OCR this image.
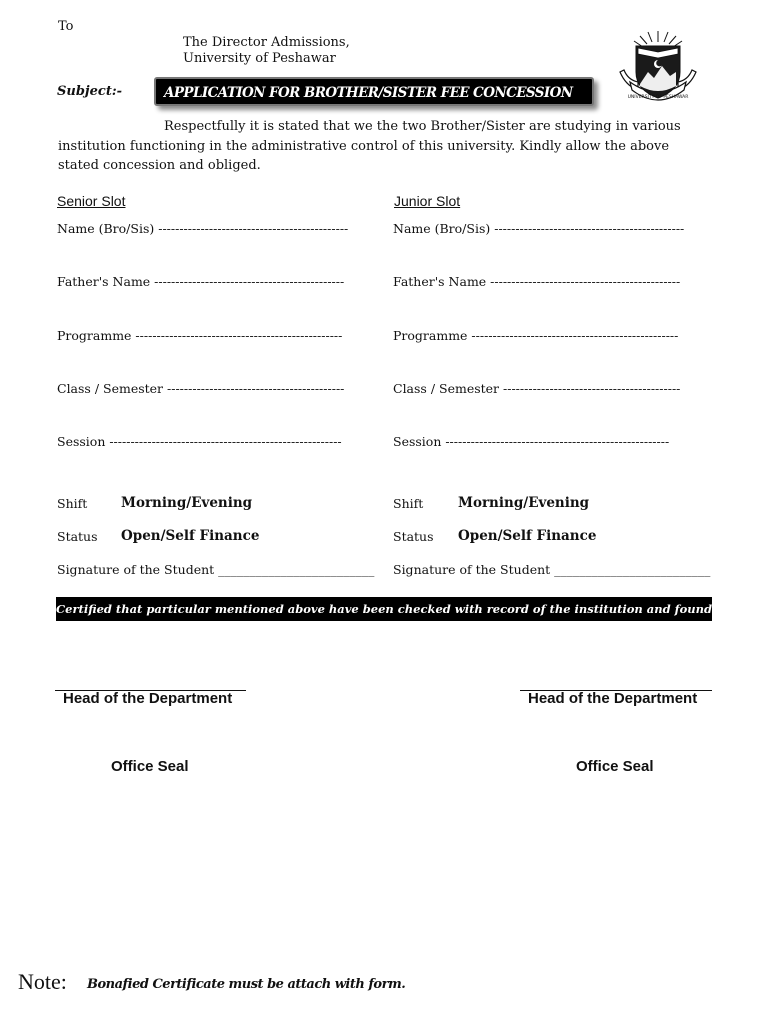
To
The Director Admissions,
University of Peshawar
Subject:-	APPLICATION FOR BROTHER/SISTER FEE CONCESSION	UNIVERSITY OF PESHAWAR
Respectfully it is stated that we the two Brother/Sister are studying in various institution functioning in the administrative control of this university. Kindly allow the above stated concession and obliged.
Senior Slot
Name (Bro/Sis) ---------------------------------------------
Father's Name ---------------------------------------------
Programme -------------------------------------------------
Class / Semester ------------------------------------------
Session -------------------------------------------------------
Shift Morning/Evening
Status Open/Self Finance
Signature of the Student _________________________
Junior Slot
Name (Bro/Sis) ---------------------------------------------
Father's Name ---------------------------------------------
Programme -------------------------------------------------
Class / Semester ------------------------------------------
Session -----------------------------------------------------
Shift	Morning/Evening
Status Open/Self Finance
Signature of the Student _________________________
Certified that particular mentioned above have been checked with record of the institution and found correct
Head of the Department	Head of the Department
Office Seal	Office Seal
Note: Bonafied Certificate must be attach with form.
